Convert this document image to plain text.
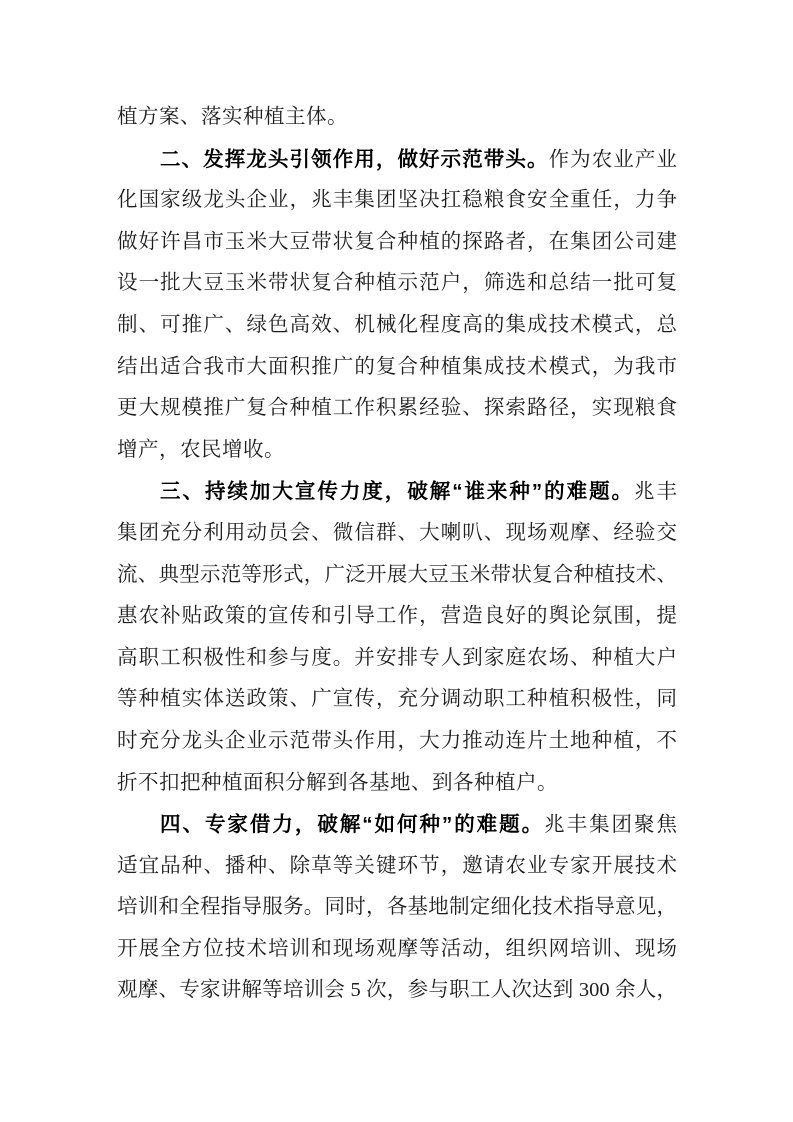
植方案、落实种植主体。
二、发挥龙头引领作用，做好示范带头。作为农业产业
化国家级龙头企业，兆丰集团坚决扛稳粮食安全重任，力争
做好许昌市玉米大豆带状复合种植的探路者，在集团公司建
设一批大豆玉米带状复合种植示范户，筛选和总结一批可复
制、可推广、绿色高效、机械化程度高的集成技术模式，总
结出适合我市大面积推广的复合种植集成技术模式，为我市
更大规模推广复合种植工作积累经验、探索路径，实现粮食
增产，农民增收。
三、持续加大宣传力度，破解“谁来种”的难题。兆丰
集团充分利用动员会、微信群、大喇叭、现场观摩、经验交
流、典型示范等形式，广泛开展大豆玉米带状复合种植技术、
惠农补贴政策的宣传和引导工作，营造良好的舆论氛围，提
高职工积极性和参与度。并安排专人到家庭农场、种植大户
等种植实体送政策、广宣传，充分调动职工种植积极性，同
时充分龙头企业示范带头作用，大力推动连片土地种植，不
折不扣把种植面积分解到各基地、到各种植户。
四、专家借力，破解“如何种”的难题。兆丰集团聚焦
适宜品种、播种、除草等关键环节，邀请农业专家开展技术
培训和全程指导服务。同时，各基地制定细化技术指导意见，
开展全方位技术培训和现场观摩等活动，组织网培训、现场
观摩、专家讲解等培训会 5 次，参与职工人次达到 300 余人，
